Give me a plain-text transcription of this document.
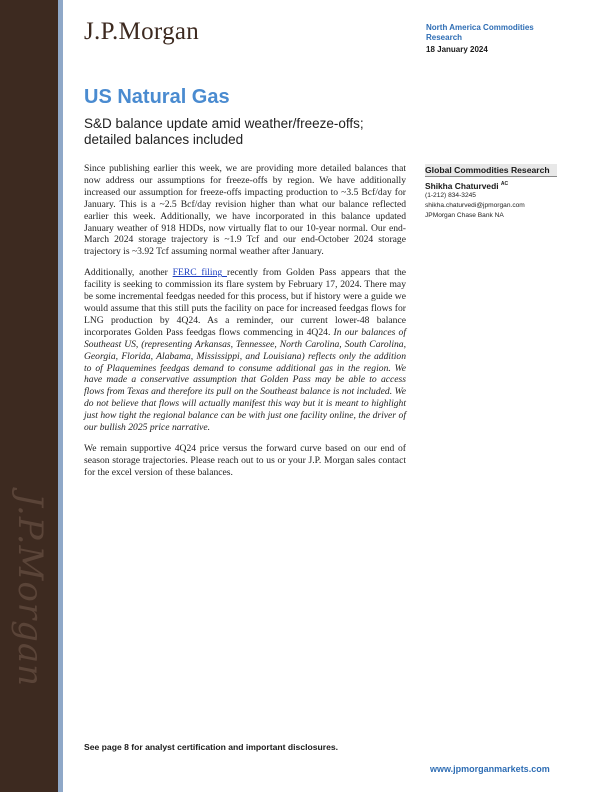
J.P.Morgan
J.P.Morgan	North America Commodities
Research
18 January 2024
US Natural Gas
S&D balance update amid weather/freeze-offs; detailed balances included

Since publishing earlier this week, we are providing more detailed balances that now address our assumptions for freeze-offs by region. We have additionally increased our assumption for freeze-offs impacting production to ~3.5 Bcf/day for January. This is a ~2.5 Bcf/day revision higher than what our balance reflected earlier this week. Additionally, we have incorporated in this balance updated January weather of 918 HDDs, now virtually flat to our 10-year normal. Our end-March 2024 storage trajectory is ~1.9 Tcf and our end-October 2024 storage trajectory is ~3.92 Tcf assuming normal weather after January.

Additionally, another FERC filing recently from Golden Pass appears that the facility is seeking to commission its flare system by February 17, 2024. There may be some incremental feedgas needed for this process, but if history were a guide we would assume that this still puts the facility on pace for increased feedgas flows for LNG production by 4Q24. As a reminder, our current lower-48 balance incorporates Golden Pass feedgas flows commencing in 4Q24. In our balances of Southeast US, (representing Arkansas, Tennessee, North Carolina, South Carolina, Georgia, Florida, Alabama, Mississippi, and Louisiana) reflects only the addition to of Plaquemines feedgas demand to consume additional gas in the region. We have made a conservative assumption that Golden Pass may be able to access flows from Texas and therefore its pull on the Southeast balance is not included. We do not believe that flows will actually manifest this way but it is meant to highlight just how tight the regional balance can be with just one facility online, the driver of our bullish 2025 price narrative.

We remain supportive 4Q24 price versus the forward curve based on our end of season storage trajectories. Please reach out to us or your J.P. Morgan sales contact for the excel version of these balances.

Global Commodities Research
Shikha Chaturvedi $^{AC}$
(1-212) 834-3245
shikha.chaturvedi@jpmorgan.com
JPMorgan Chase Bank NA
See page 8 for analyst certification and important disclosures.
www.jpmorganmarkets.com
